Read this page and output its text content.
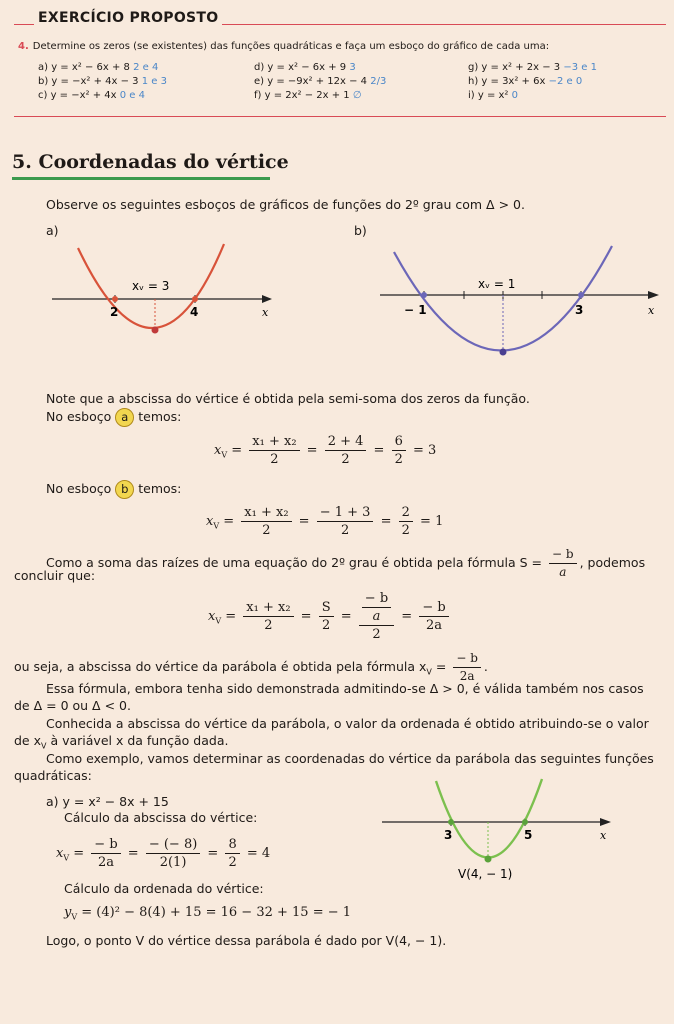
EXERCÍCIO PROPOSTO
4. Determine os zeros (se existentes) das funções quadráticas e faça um esboço do gráfico de cada uma:
a) y = x² − 6x + 8 2 e 4
b) y = −x² + 4x − 3 1 e 3
c) y = −x² + 4x 0 e 4
d) y = x² − 6x + 9 3
e) y = −9x² + 12x − 4 2/3
f) y = 2x² − 2x + 1 ∅
g) y = x² + 2x − 3 −3 e 1
h) y = 3x² + 6x −2 e 0
i) y = x² 0
5. Coordenadas do vértice
Observe os seguintes esboços de gráficos de funções do 2º grau com Δ > 0.
a)
xᵥ = 3
2	4	x
b)
xᵥ = 1
− 1	3	x
Note que a abscissa do vértice é obtida pela semi-soma dos zeros da função.
No esboço a temos:
$x_V = \frac{\text{x₁ + x₂}}{2} = \frac{2 + 4}{2} = \frac{6}{2} = 3$
No esboço b temos:
$x_V = \frac{\text{x₁ + x₂}}{2} = \frac{- 1 + 3}{2} = \frac{2}{2} = 1$
Como a soma das raízes de uma equação do 2º grau é obtida pela fórmula $S = \frac{- b}{a}$ , podemos
concluir que:
$x_V = \frac{\text{x₁ + x₂}}{2} = \frac{S}{2} = \frac{\frac{- b}{a}}{2} = \frac{- b}{2a}$
ou seja, a abscissa do vértice da parábola é obtida pela fórmula $x_V = \frac{- b}{2a}$ .
Essa fórmula, embora tenha sido demonstrada admitindo-se Δ > 0, é válida também nos casos
de Δ = 0 ou Δ < 0.
Conhecida a abscissa do vértice da parábola, o valor da ordenada é obtido atribuindo-se o valor
de $x_V$ à variável x da função dada.
Como exemplo, vamos determinar as coordenadas do vértice da parábola das seguintes funções
quadráticas:
a) y = x² − 8x + 15
Cálculo da abscissa do vértice:
$x_V = \frac{- b}{2a} = \frac{- (- 8)}{2(1)} = \frac{8}{2} = 4$
Cálculo da ordenada do vértice:
$y_V = (4)^2 - 8(4) + 15 = 16 - 32 + 15$ = − 1
Logo, o ponto V do vértice dessa parábola é dado por V(4, − 1).
3	5	x
V(4, − 1)
